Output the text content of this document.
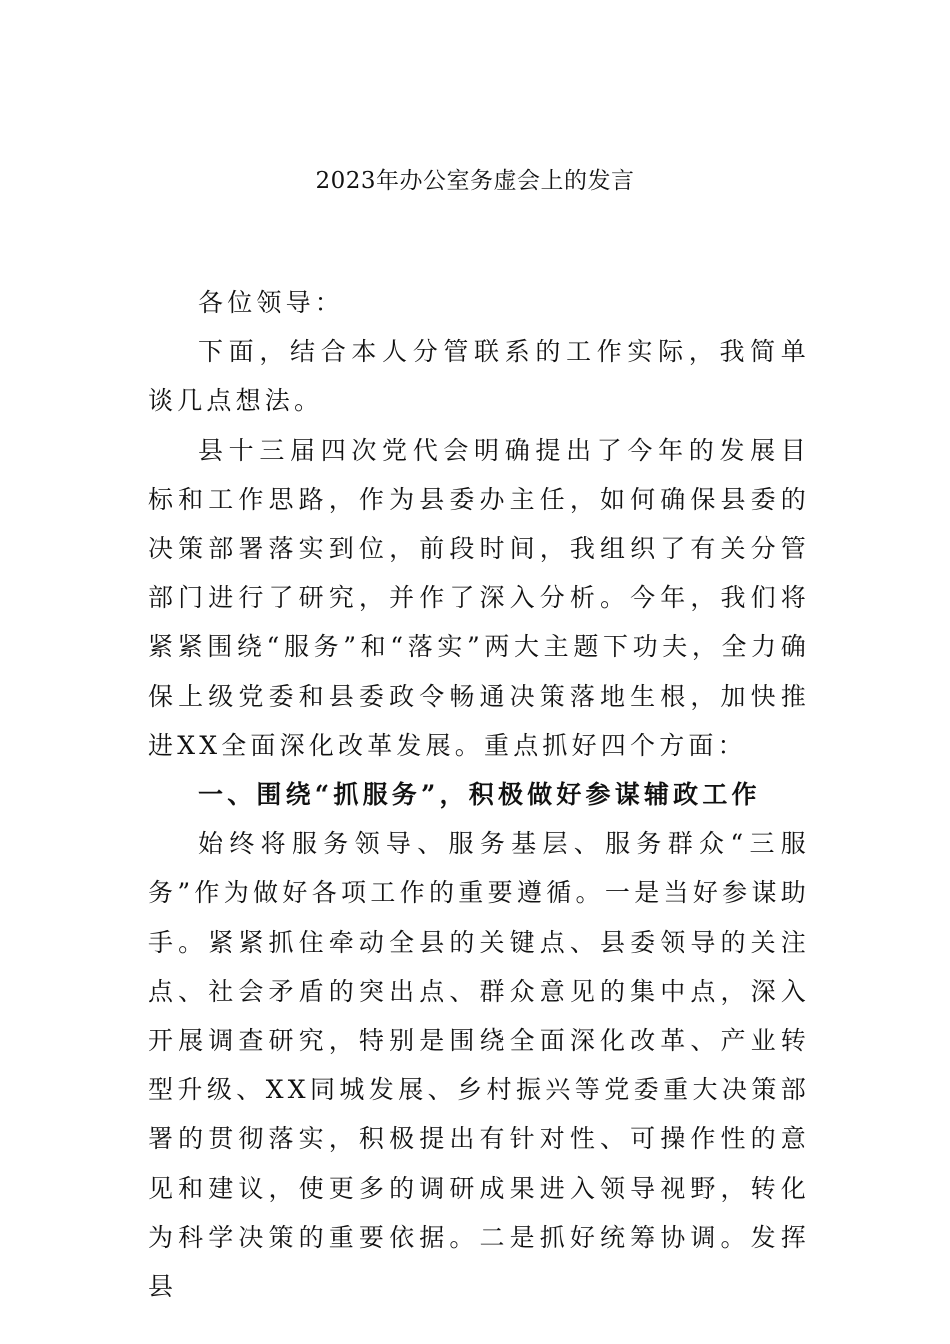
2023年办公室务虚会上的发言

各位领导：

下面，结合本人分管联系的工作实际，我简单谈几点想法。

县十三届四次党代会明确提出了今年的发展目标和工作思路，作为县委办主任，如何确保县委的决策部署落实到位，前段时间，我组织了有关分管部门进行了研究，并作了深入分析。今年，我们将紧紧围绕“服务”和“落实”两大主题下功夫，全力确保上级党委和县委政令畅通决策落地生根，加快推进XX全面深化改革发展。重点抓好四个方面：

一、围绕“抓服务”，积极做好参谋辅政工作

始终将服务领导、服务基层、服务群众“三服务”作为做好各项工作的重要遵循。一是当好参谋助手。紧紧抓住牵动全县的关键点、县委领导的关注点、社会矛盾的突出点、群众意见的集中点，深入开展调查研究，特别是围绕全面深化改革、产业转型升级、XX同城发展、乡村振兴等党委重大决策部署的贯彻落实，积极提出有针对性、可操作性的意见和建议，使更多的调研成果进入领导视野，转化为科学决策的重要依据。二是抓好统筹协调。发挥县
